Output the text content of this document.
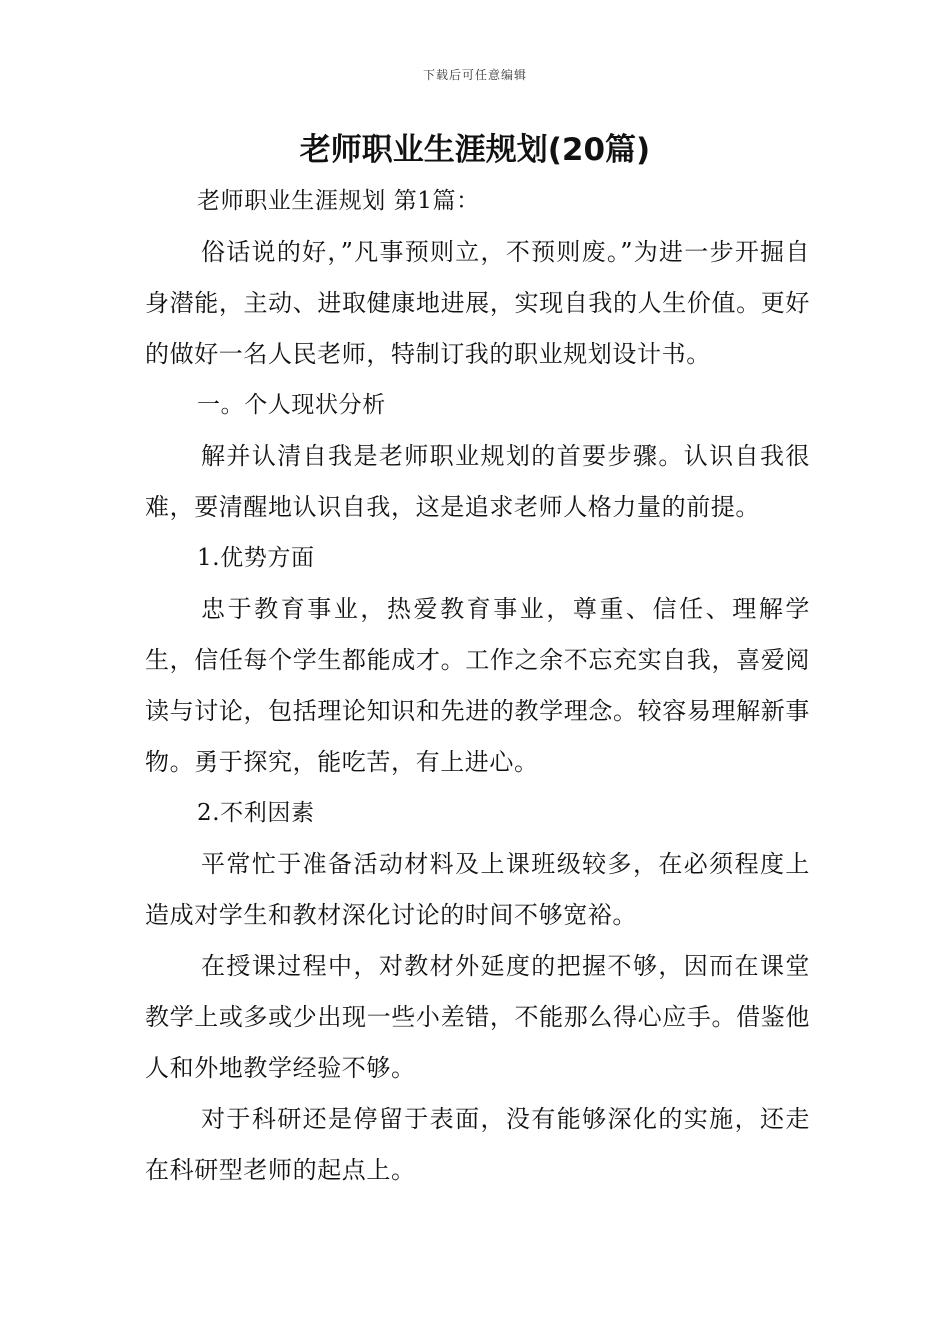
下载后可任意编辑
老师职业生涯规划(20篇)

老师职业生涯规划 第1篇：

俗话说的好，”凡事预则立，不预则废。”为进一步开掘自身潜能，主动、进取健康地进展，实现自我的人生价值。更好的做好一名人民老师，特制订我的职业规划设计书。

一。个人现状分析

解并认清自我是老师职业规划的首要步骤。认识自我很难，要清醒地认识自我，这是追求老师人格力量的前提。

1.优势方面

忠于教育事业，热爱教育事业，尊重、信任、理解学生，信任每个学生都能成才。工作之余不忘充实自我，喜爱阅读与讨论，包括理论知识和先进的教学理念。较容易理解新事物。勇于探究，能吃苦，有上进心。

2.不利因素

平常忙于准备活动材料及上课班级较多，在必须程度上造成对学生和教材深化讨论的时间不够宽裕。

在授课过程中，对教材外延度的把握不够，因而在课堂教学上或多或少出现一些小差错，不能那么得心应手。借鉴他人和外地教学经验不够。

对于科研还是停留于表面，没有能够深化的实施，还走在科研型老师的起点上。
